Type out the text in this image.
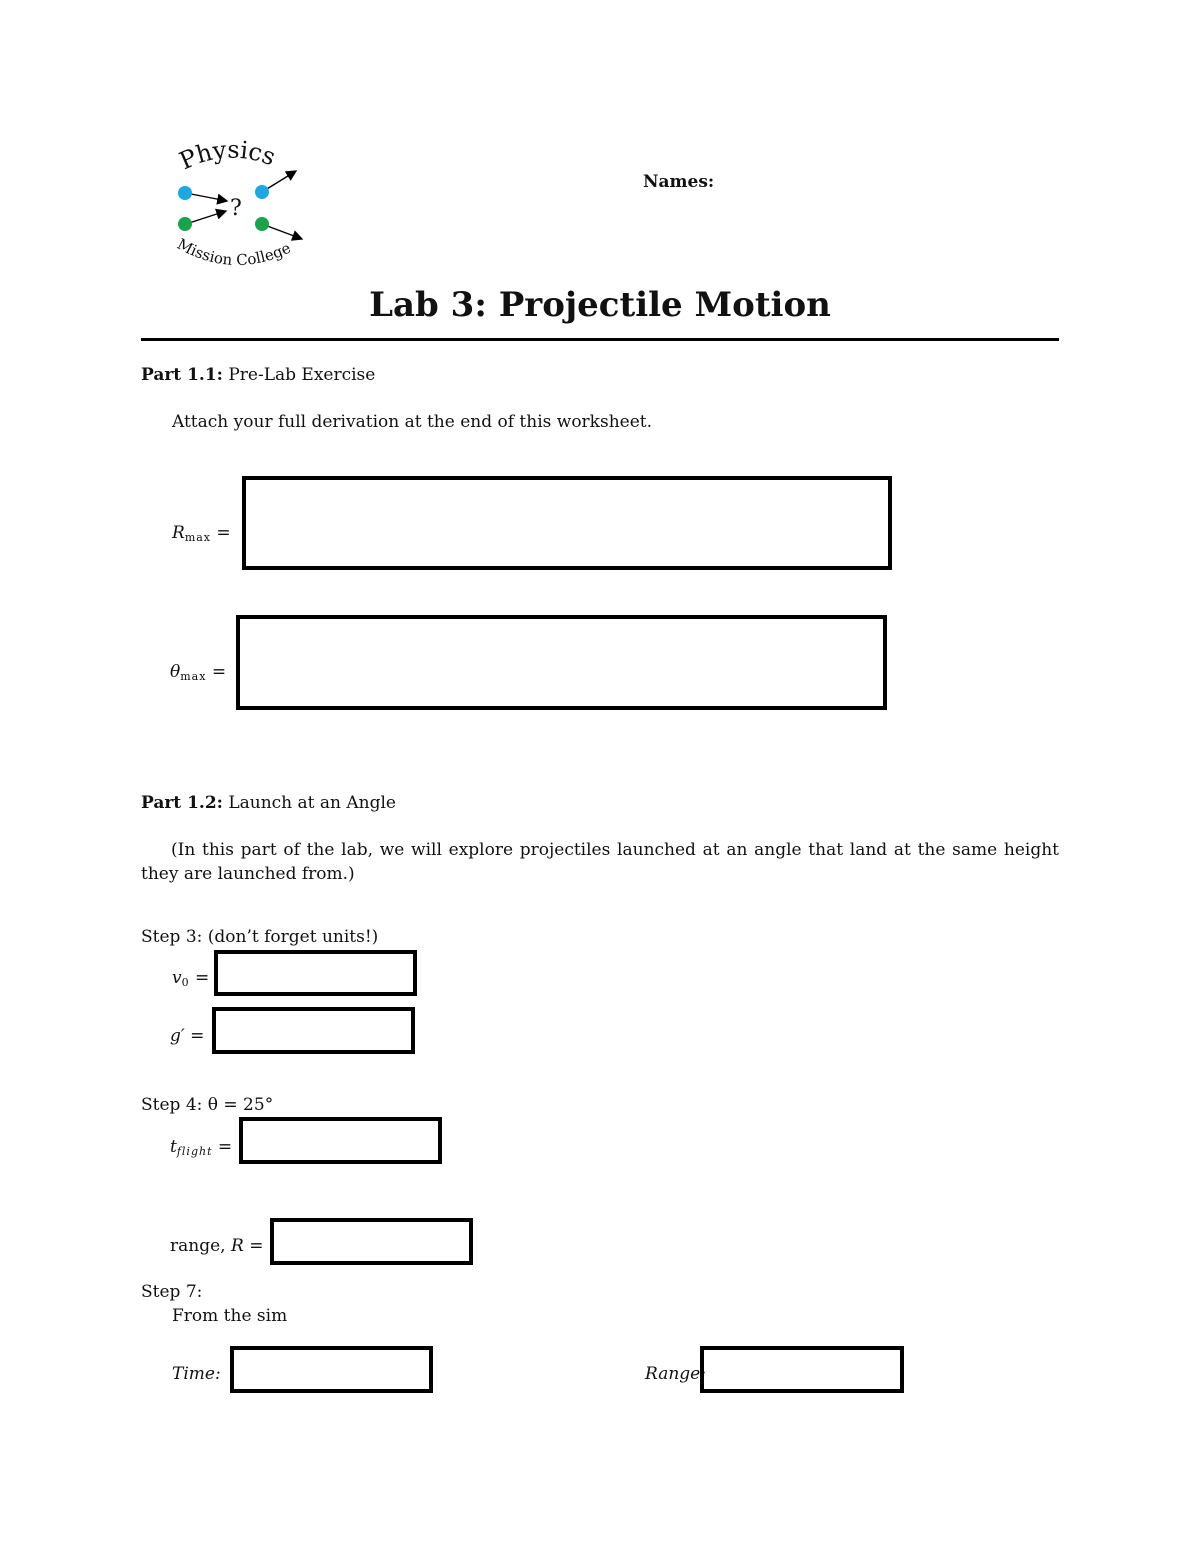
Physics
Mission College
?
Names:
Lab 3: Projectile Motion
Part 1.1: Pre-Lab Exercise
Attach your full derivation at the end of this worksheet.
$R_{max}$ =
$\theta_{max}$ =
Part 1.2: Launch at an Angle
(In this part of the lab, we will explore projectiles launched at an angle that land at the same height they are launched from.)
Step 3: (don’t forget units!)
$v_0$ =
g′ =
Step 4: θ = 25°
$t_{flight}$ =
range, R =
Step 7:
From the sim
Time:	Range:
